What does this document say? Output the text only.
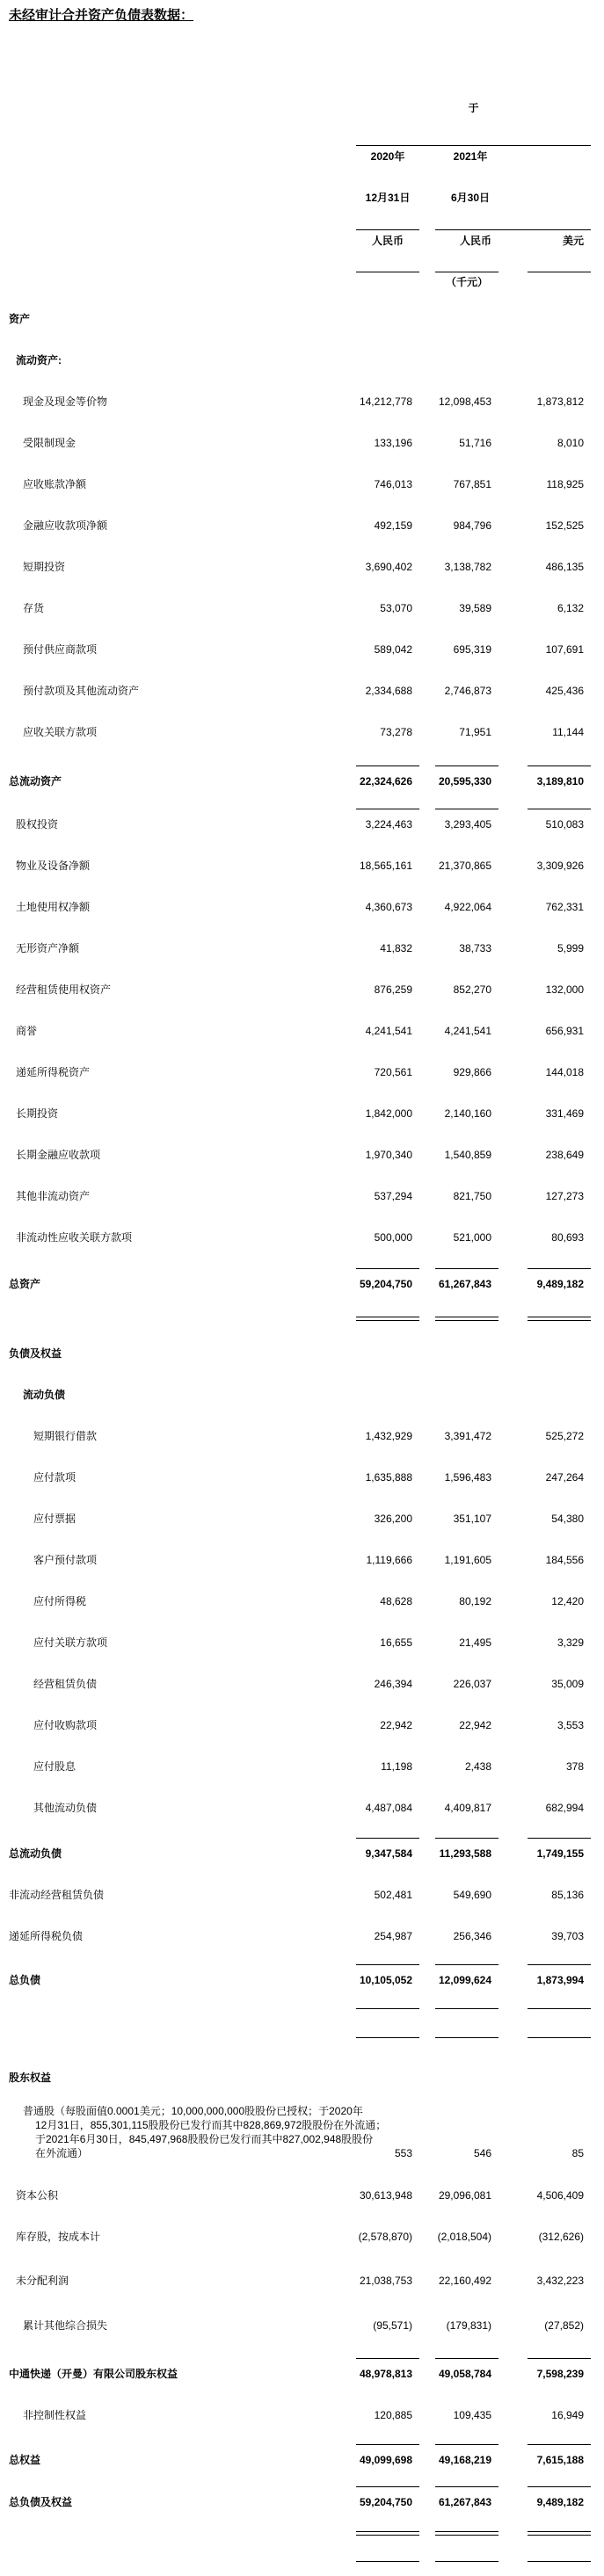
未经审计合并资产负债表数据：
于
2020年	2021年
12月31日	6月30日
人民币	人民币	美元
（千元）
资产
流动资产:
现金及现金等价物	14,212,778	12,098,453	1,873,812
受限制现金	133,196	51,716	8,010
应收账款净额	746,013	767,851	118,925
金融应收款项净额	492,159	984,796	152,525
短期投资	3,690,402	3,138,782	486,135
存货	53,070	39,589	6,132
预付供应商款项	589,042	695,319	107,691
预付款项及其他流动资产	2,334,688	2,746,873	425,436
应收关联方款项	73,278	71,951	11,144
总流动资产	22,324,626	20,595,330	3,189,810
股权投资	3,224,463	3,293,405	510,083
物业及设备净额	18,565,161	21,370,865	3,309,926
土地使用权净额	4,360,673	4,922,064	762,331
无形资产净额	41,832	38,733	5,999
经营租赁使用权资产	876,259	852,270	132,000
商誉	4,241,541	4,241,541	656,931
递延所得税资产	720,561	929,866	144,018
长期投资	1,842,000	2,140,160	331,469
长期金融应收款项	1,970,340	1,540,859	238,649
其他非流动资产	537,294	821,750	127,273
非流动性应收关联方款项	500,000	521,000	80,693
总资产	59,204,750	61,267,843	9,489,182
负债及权益
流动负债
短期银行借款	1,432,929	3,391,472	525,272
应付款项	1,635,888	1,596,483	247,264
应付票据	326,200	351,107	54,380
客户预付款项	1,119,666	1,191,605	184,556
应付所得税	48,628	80,192	12,420
应付关联方款项	16,655	21,495	3,329
经营租赁负债	246,394	226,037	35,009
应付收购款项	22,942	22,942	3,553
应付股息	11,198	2,438	378
其他流动负债	4,487,084	4,409,817	682,994
总流动负债	9,347,584	11,293,588	1,749,155
非流动经营租赁负债	502,481	549,690	85,136
递延所得税负债	254,987	256,346	39,703
总负债	10,105,052	12,099,624	1,873,994
股东权益
普通股（每股面值0.0001美元；10,000,000,000股股份已授权；于2020年
12月31日，855,301,115股股份已发行而其中828,869,972股股份在外流通；
于2021年6月30日，845,497,968股股份已发行而其中827,002,948股股份
在外流通）	553	546	85
资本公积	30,613,948	29,096,081	4,506,409
库存股，按成本计	(2,578,870)	(2,018,504)	(312,626)
未分配利润	21,038,753	22,160,492	3,432,223
累计其他综合损失	(95,571)	(179,831)	(27,852)
中通快递（开曼）有限公司股东权益	48,978,813	49,058,784	7,598,239
非控制性权益	120,885	109,435	16,949
总权益	49,099,698	49,168,219	7,615,188
总负债及权益	59,204,750	61,267,843	9,489,182
